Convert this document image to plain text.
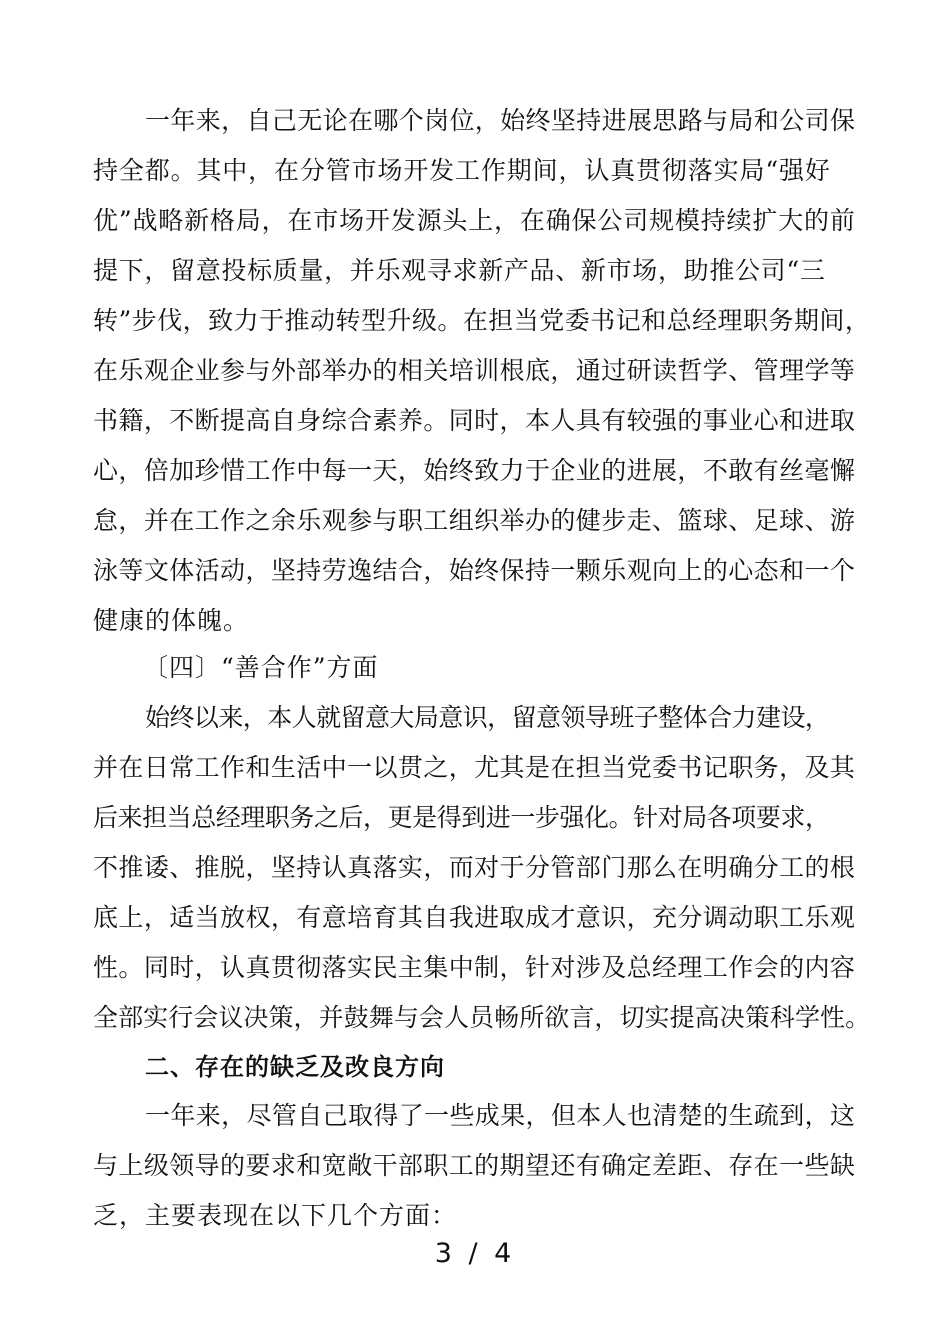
一年来，自己无论在哪个岗位，始终坚持进展思路与局和公司保
持全都。其中，在分管市场开发工作期间，认真贯彻落实局“强好
优”战略新格局，在市场开发源头上，在确保公司规模持续扩大的前
提下，留意投标质量，并乐观寻求新产品、新市场，助推公司“三
转”步伐，致力于推动转型升级。在担当党委书记和总经理职务期间，
在乐观企业参与外部举办的相关培训根底，通过研读哲学、管理学等
书籍，不断提高自身综合素养。同时，本人具有较强的事业心和进取
心，倍加珍惜工作中每一天，始终致力于企业的进展，不敢有丝毫懈
怠，并在工作之余乐观参与职工组织举办的健步走、篮球、足球、游
泳等文体活动，坚持劳逸结合，始终保持一颗乐观向上的心态和一个
健康的体魄。
〔四〕“善合作”方面
始终以来，本人就留意大局意识，留意领导班子整体合力建设，
并在日常工作和生活中一以贯之，尤其是在担当党委书记职务，及其
后来担当总经理职务之后，更是得到进一步强化。针对局各项要求，
不推诿、推脱，坚持认真落实，而对于分管部门那么在明确分工的根
底上，适当放权，有意培育其自我进取成才意识，充分调动职工乐观
性。同时，认真贯彻落实民主集中制，针对涉及总经理工作会的内容
全部实行会议决策，并鼓舞与会人员畅所欲言，切实提高决策科学性。
二、存在的缺乏及改良方向
一年来，尽管自己取得了一些成果，但本人也清楚的生疏到，这
与上级领导的要求和宽敞干部职工的期望还有确定差距、存在一些缺
乏，主要表现在以下几个方面：
3 / 4
